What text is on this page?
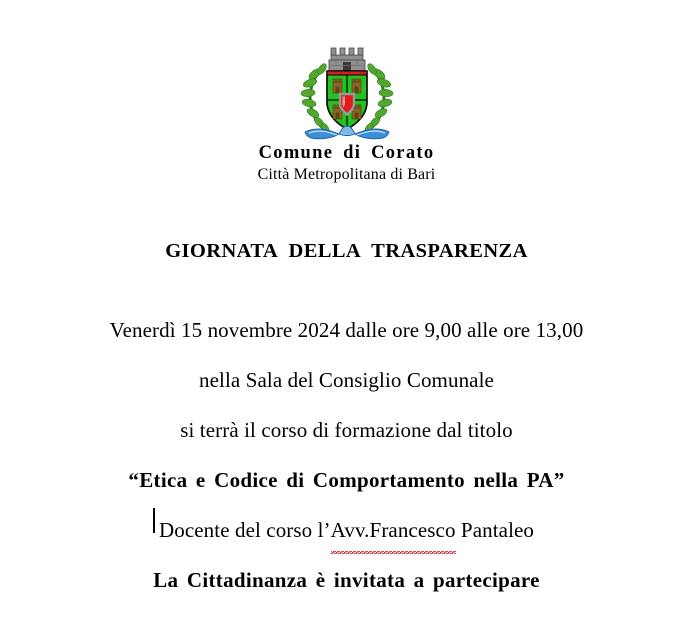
Comune di Corato
Città Metropolitana di Bari
GIORNATA DELLA TRASPARENZA
Venerdì 15 novembre 2024 dalle ore 9,00 alle ore 13,00
nella Sala del Consiglio Comunale
si terrà il corso di formazione dal titolo
“Etica e Codice di Comportamento nella PA”
Docente del corso l’Avv.Francesco Pantaleo
La Cittadinanza è invitata a partecipare
